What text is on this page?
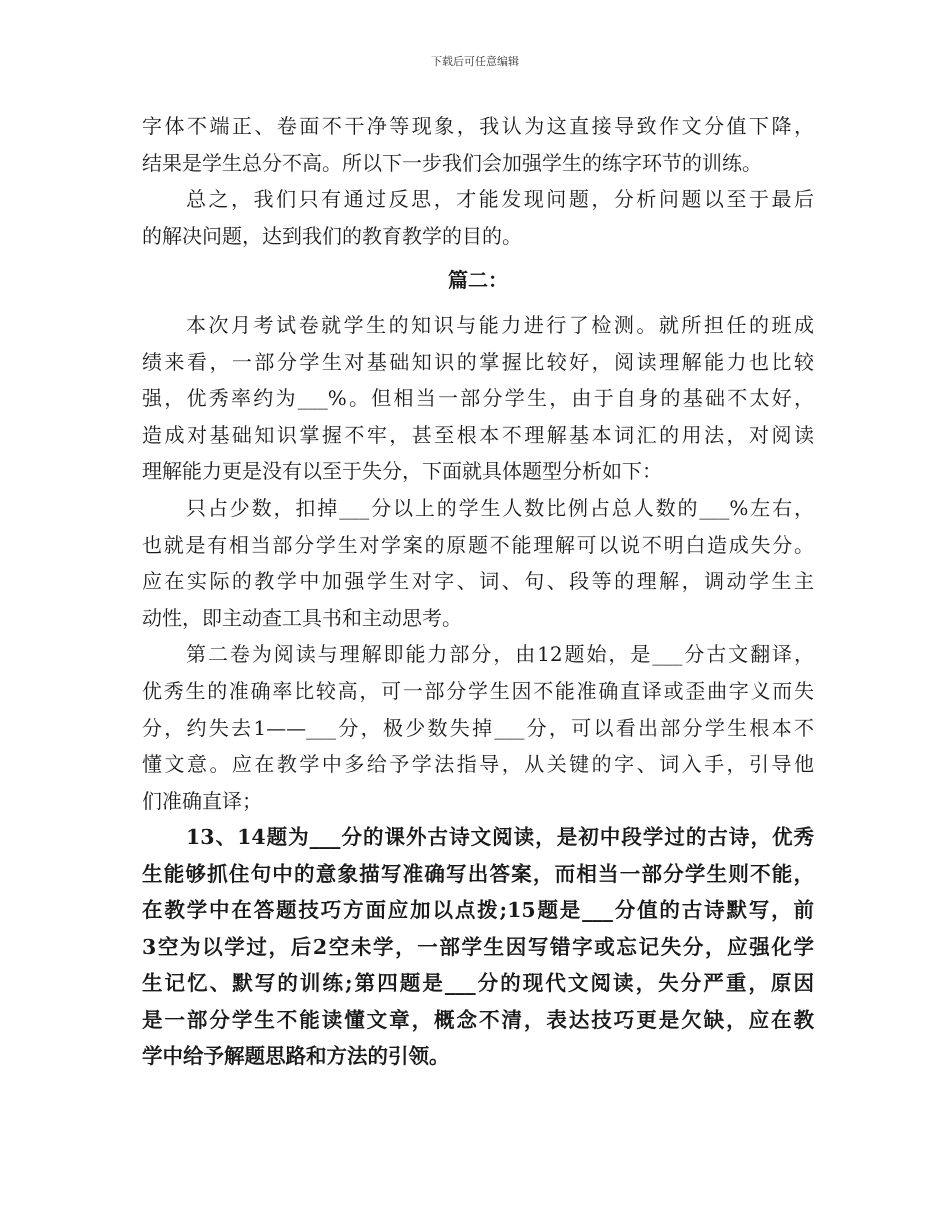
下载后可任意编辑
字体不端正、卷面不干净等现象，我认为这直接导致作文分值下降，
结果是学生总分不高。所以下一步我们会加强学生的练字环节的训练。
总之，我们只有通过反思，才能发现问题，分析问题以至于最后
的解决问题，达到我们的教育教学的目的。
篇二：
本次月考试卷就学生的知识与能力进行了检测。就所担任的班成
绩来看，一部分学生对基础知识的掌握比较好，阅读理解能力也比较
强，优秀率约为___%。但相当一部分学生，由于自身的基础不太好，
造成对基础知识掌握不牢，甚至根本不理解基本词汇的用法，对阅读
理解能力更是没有以至于失分，下面就具体题型分析如下：
只占少数，扣掉___分以上的学生人数比例占总人数的___%左右，
也就是有相当部分学生对学案的原题不能理解可以说不明白造成失分。
应在实际的教学中加强学生对字、词、句、段等的理解，调动学生主
动性，即主动查工具书和主动思考。
第二卷为阅读与理解即能力部分，由12题始，是___分古文翻译，
优秀生的准确率比较高，可一部分学生因不能准确直译或歪曲字义而失
分，约失去1——___分，极少数失掉___分，可以看出部分学生根本不
懂文意。应在教学中多给予学法指导，从关键的字、词入手，引导他
们准确直译；
13、14题为___分的课外古诗文阅读，是初中段学过的古诗，优秀
生能够抓住句中的意象描写准确写出答案，而相当一部分学生则不能，
在教学中在答题技巧方面应加以点拨;15题是___分值的古诗默写，前
3空为以学过，后2空未学，一部学生因写错字或忘记失分，应强化学
生记忆、默写的训练;第四题是___分的现代文阅读，失分严重，原因
是一部分学生不能读懂文章，概念不清，表达技巧更是欠缺，应在教
学中给予解题思路和方法的引领。
